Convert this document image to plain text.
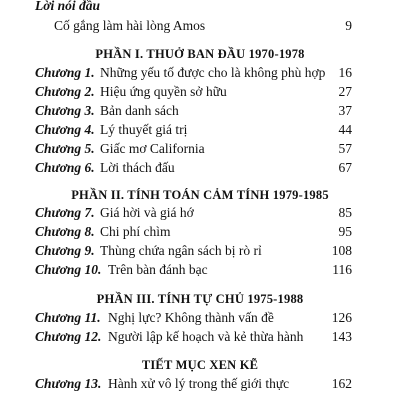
Lời nói đầu
Cố gắng làm hài lòng Amos	9
PHẦN I. THUỞ BAN ĐẦU 1970-1978
Chương 1. Những yếu tố được cho là không phù hợp 16
Chương 2. Hiệu ứng quyền sở hữu	27
Chương 3. Bản danh sách	37
Chương 4. Lý thuyết giá trị	44
Chương 5. Giấc mơ California	57
Chương 6. Lời thách đấu	67
PHẦN II. TÍNH TOÁN CẢM TÍNH 1979-1985
Chương 7. Giá hời và giá hớ	85
Chương 8. Chi phí chìm	95
Chương 9. Thùng chứa ngân sách bị rò rỉ	108
Chương 10. Trên bàn đánh bạc	116
PHẦN III. TÍNH TỰ CHỦ 1975-1988
Chương 11. Nghị lực? Không thành vấn đề	126
Chương 12. Người lập kế hoạch và kẻ thừa hành 143
TIẾT MỤC XEN KẼ
Chương 13. Hành xử vô lý trong thế giới thực	162
